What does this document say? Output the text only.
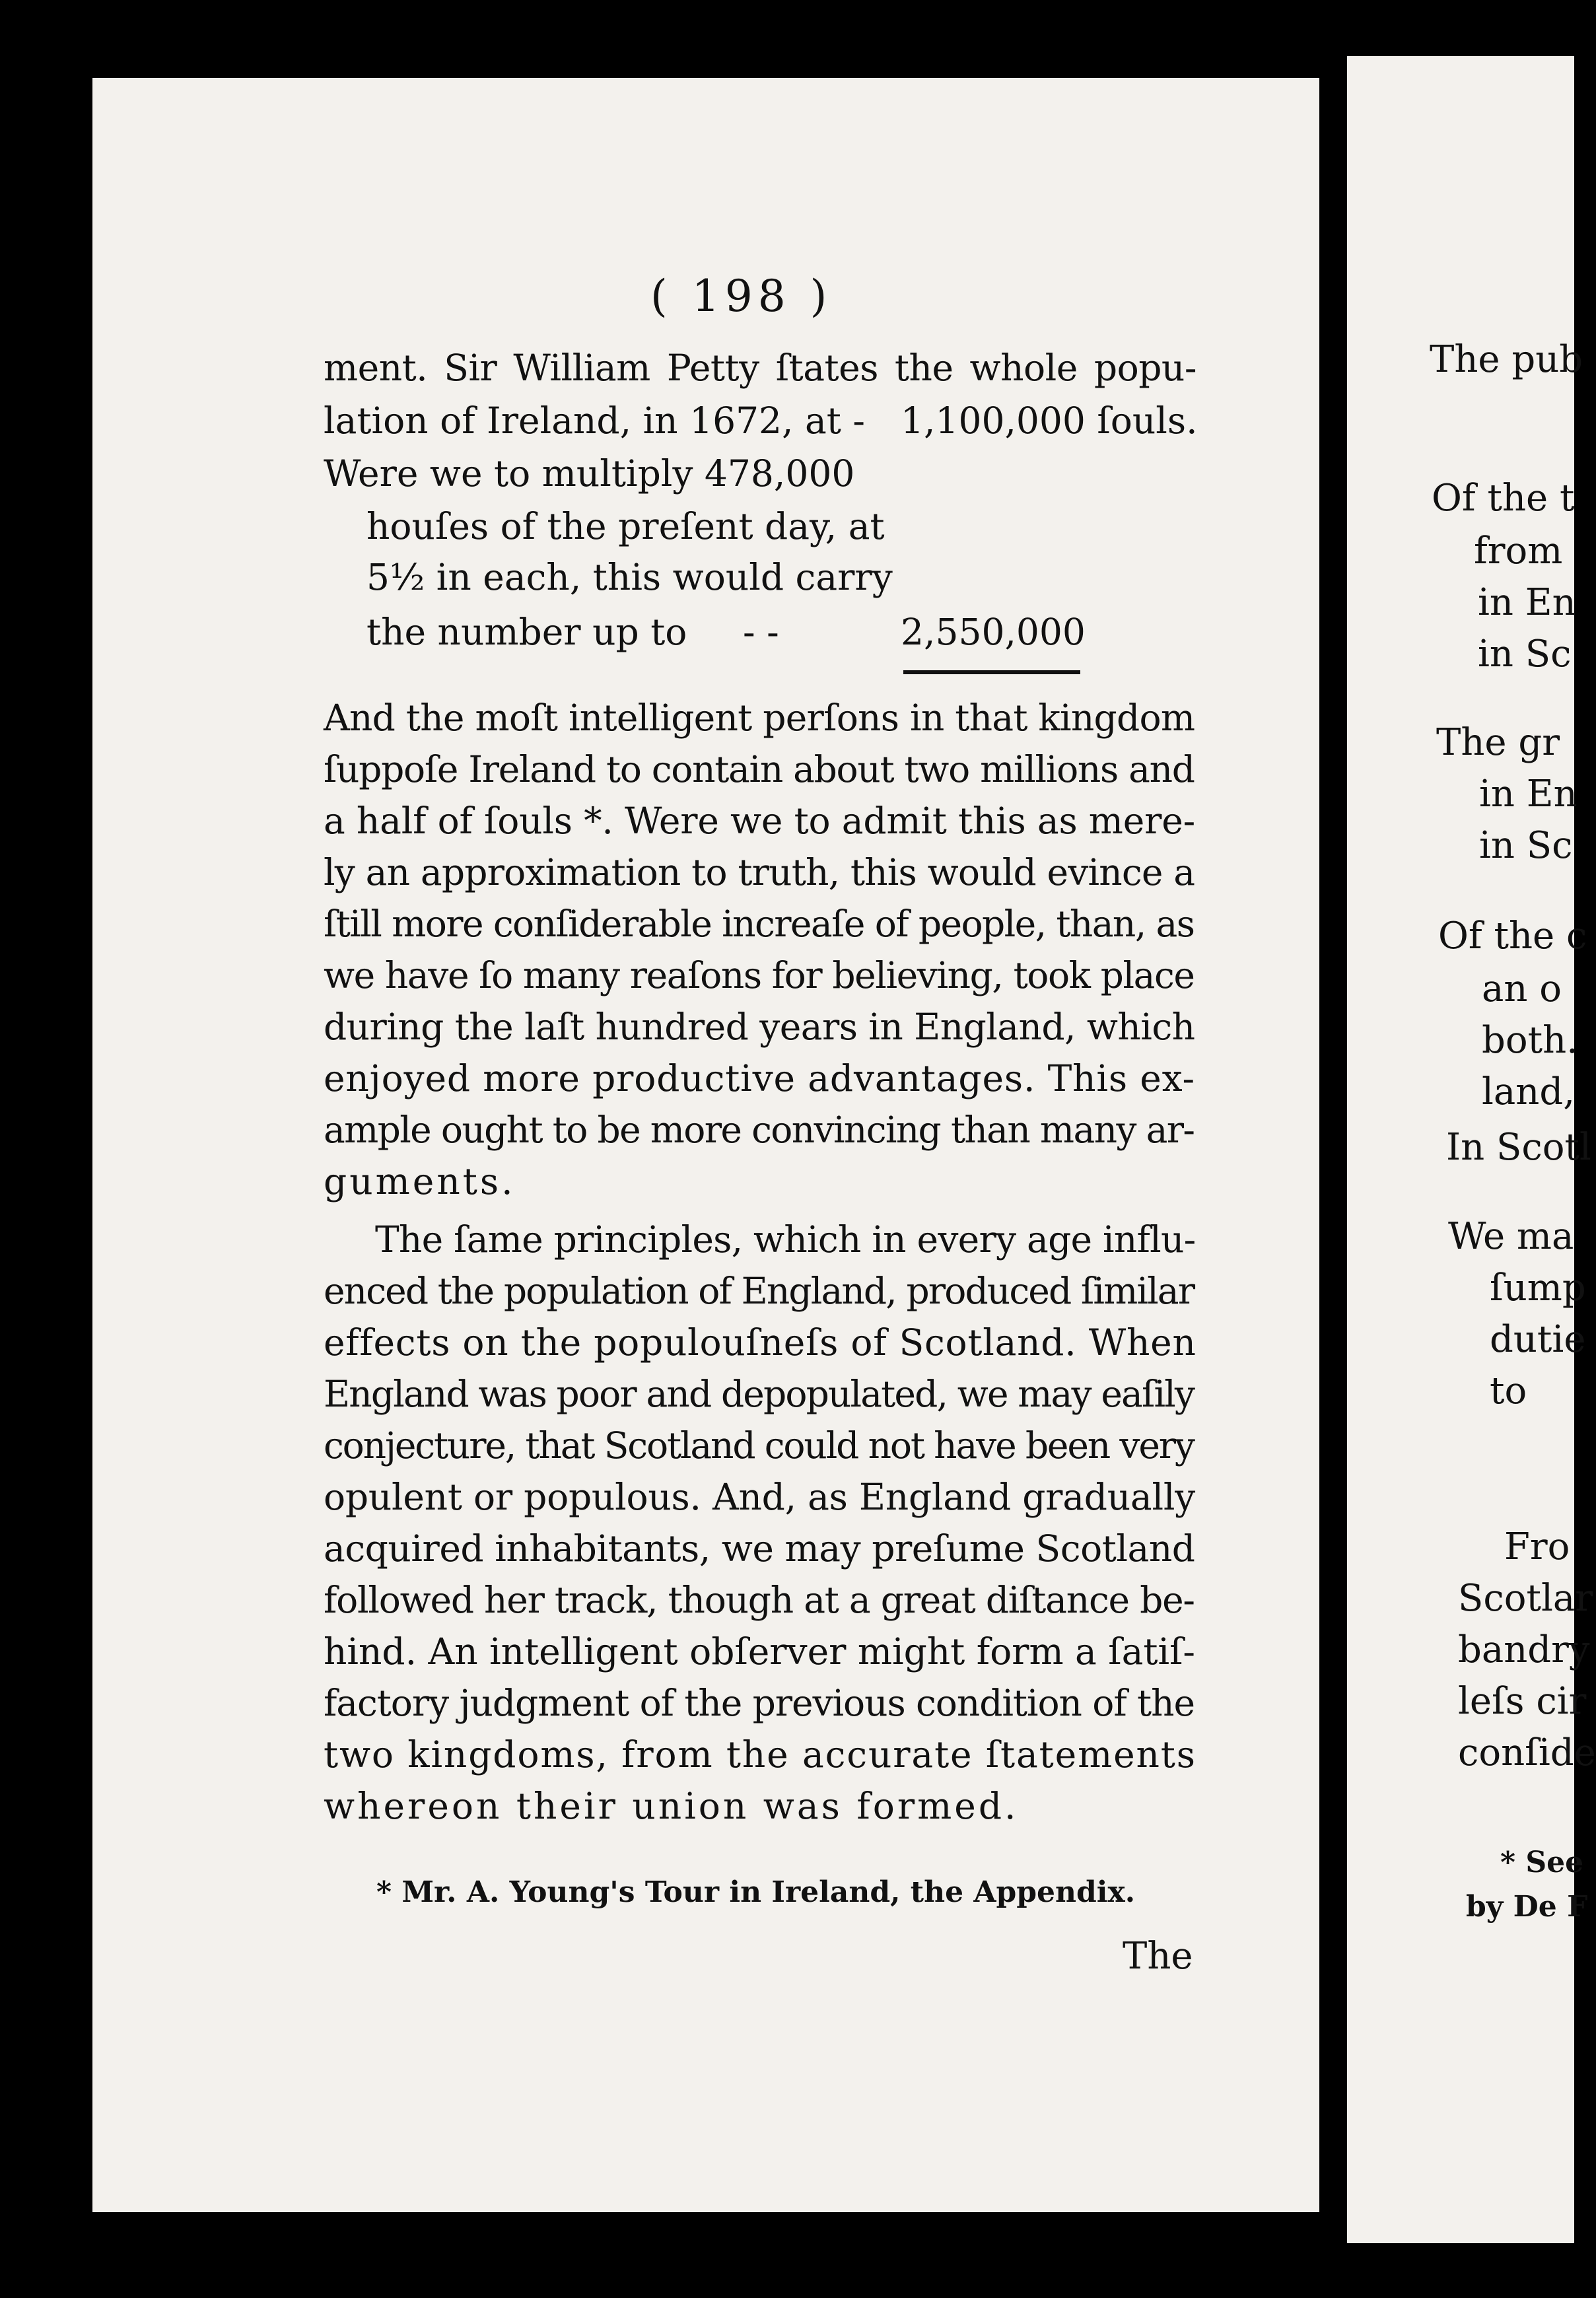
( 198 )
ment. Sir William Petty ſtates the whole popu-
lation of Ireland, in 1672, at - 1,100,000 ſouls.
Were we to multiply 478,000
houſes of the preſent day, at
5½ in each, this would carry
the number up to - -	2,550,000
And the moſt intelligent perſons in that kingdom
ſuppoſe Ireland to contain about two millions and
a half of ſouls *. Were we to admit this as mere-
ly an approximation to truth, this would evince a
ſtill more conſiderable increaſe of people, than, as
we have ſo many reaſons for believing, took place
during the laſt hundred years in England, which
enjoyed more productive advantages. This ex-
ample ought to be more convincing than many ar-
guments.
The ſame principles, which in every age influ-
enced the population of England, produced ſimilar
effects on the populouſneſs of Scotland. When
England was poor and depopulated, we may eaſily
conjecture, that Scotland could not have been very
opulent or populous. And, as England gradually
acquired inhabitants, we may preſume Scotland
followed her track, though at a great diſtance be-
hind. An intelligent obſerver might form a ſatiſ-
factory judgment of the previous condition of the
two kingdoms, from the accurate ſtatements
whereon their union was formed.
* Mr. A. Young's Tour in Ireland, the Appendix.
The
The pub
Of the t
from
in En
in Sc
The gr
in En
in Sc
Of the c
an o
both.
land,
In Scotl
We ma
ſump
dutie
to
Fro
Scotlar
bandry
leſs cir
conſide
* See
by De F
